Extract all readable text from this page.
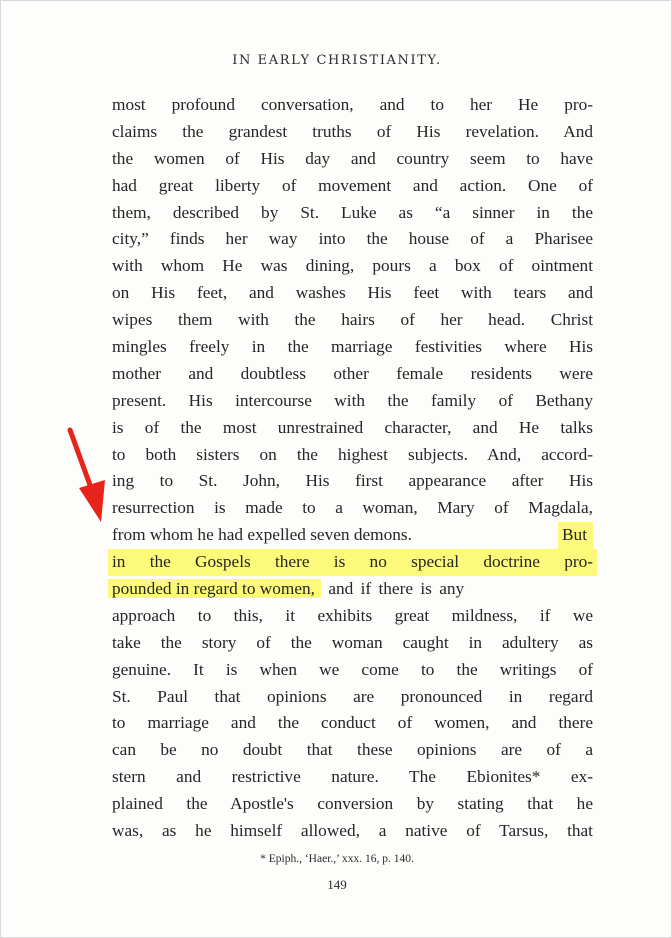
IN EARLY CHRISTIANITY.
most profound conversation, and to her He pro-
claims the grandest truths of His revelation. And
the women of His day and country seem to have
had great liberty of movement and action. One of
them, described by St. Luke as “a sinner in the
city,” finds her way into the house of a Pharisee
with whom He was dining, pours a box of ointment
on His feet, and washes His feet with tears and
wipes them with the hairs of her head. Christ
mingles freely in the marriage festivities where His
mother and doubtless other female residents were
present. His intercourse with the family of Bethany
is of the most unrestrained character, and He talks
to both sisters on the highest subjects. And, accord-
ing to St. John, His first appearance after His
resurrection is made to a woman, Mary of Magdala,
from whom he had expelled seven demons.	But
in the Gospels there is no special doctrine pro-
pounded in regard to women, and if there is any
approach to this, it exhibits great mildness, if we
take the story of the woman caught in adultery as
genuine. It is when we come to the writings of
St. Paul that opinions are pronounced in regard
to marriage and the conduct of women, and there
can be no doubt that these opinions are of a
stern and restrictive nature. The Ebionites* ex-
plained the Apostle's conversion by stating that he
was, as he himself allowed, a native of Tarsus, that
* Epiph., ‘Haer.,’ xxx. 16, p. 140.
149
